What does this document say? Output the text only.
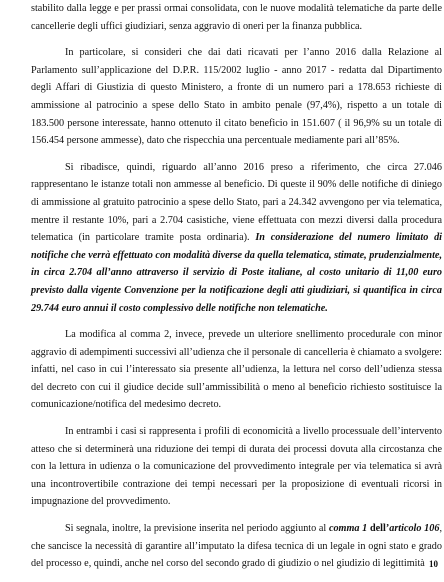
stabilito dalla legge e per prassi ormai consolidata, con le nuove modalità telematiche da parte delle cancellerie degli uffici giudiziari, senza aggravio di oneri per la finanza pubblica.

In particolare, si consideri che dai dati ricavati per l’anno 2016 dalla Relazione al Parlamento sull’applicazione del D.P.R. 115/2002 luglio - anno 2017 - redatta dal Dipartimento degli Affari di Giustizia di questo Ministero, a fronte di un numero pari a 178.653 richieste di ammissione al patrocinio a spese dello Stato in ambito penale (97,4%), rispetto a un totale di 183.500 persone interessate, hanno ottenuto il citato beneficio in 151.607 ( il 96,9% su un totale di 156.454 persone ammesse), dato che rispecchia una percentuale mediamente pari all’85%.

Si ribadisce, quindi, riguardo all’anno 2016 preso a riferimento, che circa 27.046 rappresentano le istanze totali non ammesse al beneficio. Di queste il 90% delle notifiche di diniego di ammissione al gratuito patrocinio a spese dello Stato, pari a 24.342 avvengono per via telematica, mentre il restante 10%, pari a 2.704 casistiche, viene effettuata con mezzi diversi dalla procedura telematica (in particolare tramite posta ordinaria). In considerazione del numero limitato di notifiche che verrà effettuato con modalità diverse da quella telematica, stimate, prudenzialmente, in circa 2.704 all’anno attraverso il servizio di Poste italiane, al costo unitario di 11,00 euro previsto dalla vigente Convenzione per la notificazione degli atti giudiziari, si quantifica in circa 29.744 euro annui il costo complessivo delle notifiche non telematiche.

La modifica al comma 2, invece, prevede un ulteriore snellimento procedurale con minor aggravio di adempimenti successivi all’udienza che il personale di cancelleria è chiamato a svolgere: infatti, nel caso in cui l’interessato sia presente all’udienza, la lettura nel corso dell’udienza stessa del decreto con cui il giudice decide sull’ammissibilità o meno al beneficio richiesto sostituisce la comunicazione/notifica del medesimo decreto.

In entrambi i casi si rappresenta i profili di economicità a livello processuale dell’intervento atteso che si determinerà una riduzione dei tempi di durata dei processi dovuta alla circostanza che con la lettura in udienza o la comunicazione del provvedimento integrale per via telematica si avrà una incontrovertibile contrazione dei tempi necessari per la proposizione di eventuali ricorsi in impugnazione del provvedimento.

Si segnala, inoltre, la previsione inserita nel periodo aggiunto al comma 1 dell’articolo 106, che sancisce la necessità di garantire all’imputato la difesa tecnica di un legale in ogni stato e grado del processo e, quindi, anche nel corso del secondo grado di giudizio o nel giudizio di legittimità 10
